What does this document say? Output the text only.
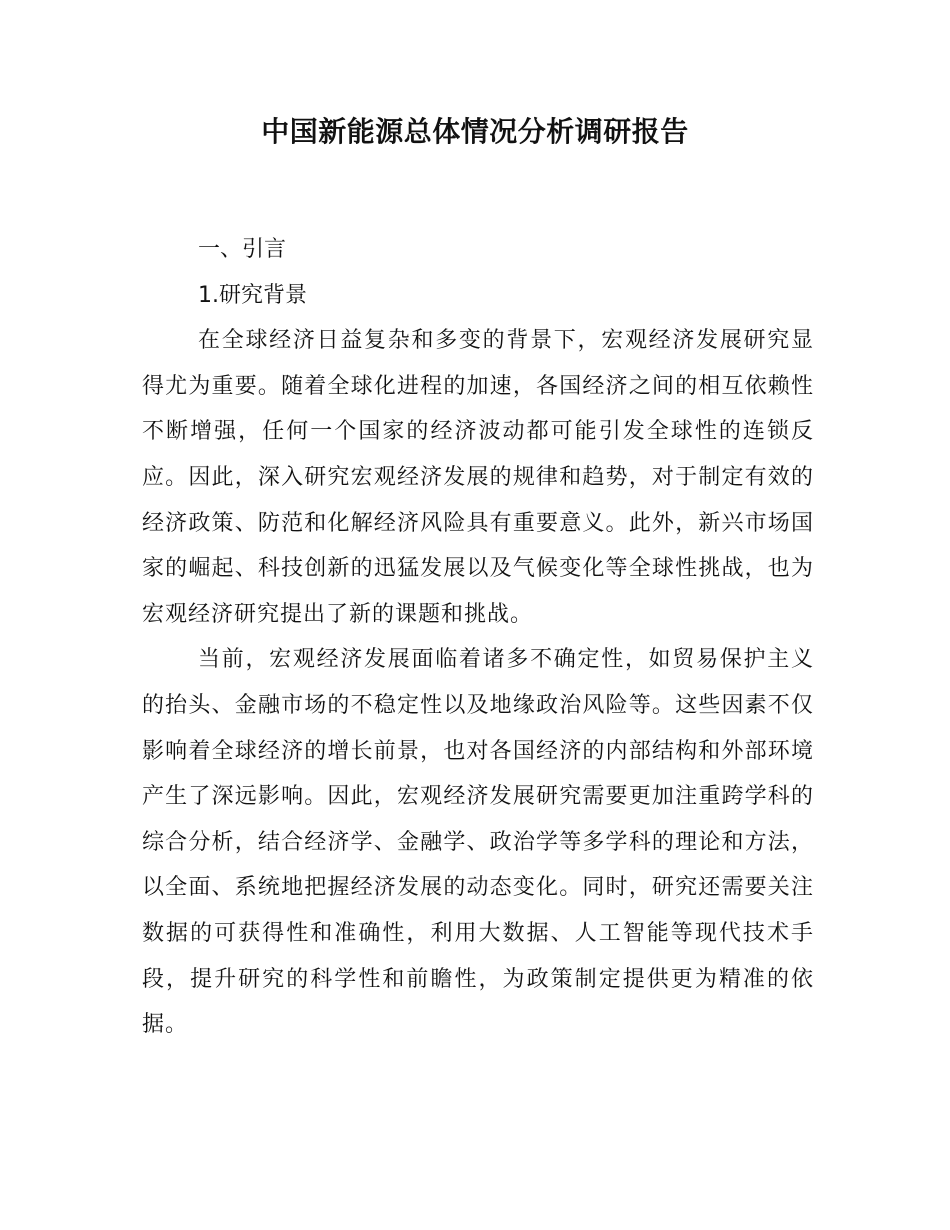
中国新能源总体情况分析调研报告
一、引言
1.研究背景

在全球经济日益复杂和多变的背景下，宏观经济发展研究显得尤为重要。随着全球化进程的加速，各国经济之间的相互依赖性不断增强，任何一个国家的经济波动都可能引发全球性的连锁反应。因此，深入研究宏观经济发展的规律和趋势，对于制定有效的经济政策、防范和化解经济风险具有重要意义。此外，新兴市场国家的崛起、科技创新的迅猛发展以及气候变化等全球性挑战，也为宏观经济研究提出了新的课题和挑战。

当前，宏观经济发展面临着诸多不确定性，如贸易保护主义的抬头、金融市场的不稳定性以及地缘政治风险等。这些因素不仅影响着全球经济的增长前景，也对各国经济的内部结构和外部环境产生了深远影响。因此，宏观经济发展研究需要更加注重跨学科的综合分析，结合经济学、金融学、政治学等多学科的理论和方法，以全面、系统地把握经济发展的动态变化。同时，研究还需要关注数据的可获得性和准确性，利用大数据、人工智能等现代技术手段，提升研究的科学性和前瞻性，为政策制定提供更为精准的依据。
